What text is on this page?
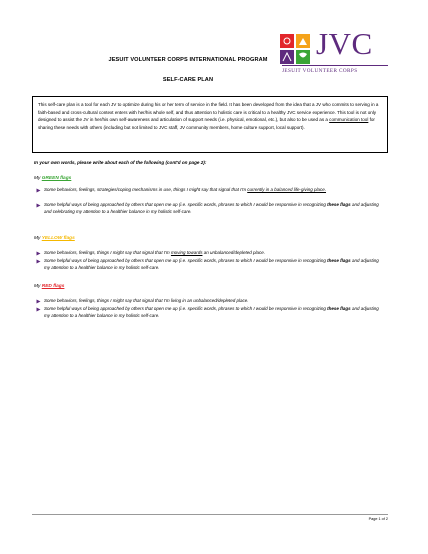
JESUIT VOLUNTEER CORPS INTERNATIONAL PROGRAM
SELF-CARE PLAN
JVC
JESUIT VOLUNTEER CORPS
This self-care plan is a tool for each JV to optimize during his or her term of service in the field. It has been developed from the idea that a JV who commits to serving in a faith-based and cross-cultural context enters with her/his whole self, and thus attention to holistic care is critical to a healthy JVC service experience. This tool is not only designed to assist the JV in her/his own self-awareness and articulation of support needs (i.e. physical, emotional, etc.), but also to be used as a communication tool for sharing these needs with others (including but not limited to JVC staff, JV community members, home culture support, local support).
In your own words, please write about each of the following (cont'd on page 2):
My GREEN flags
Some behaviors, feelings, strategies/coping mechanisms in use, things I might say that signal that I'm currently in a balanced life-giving place.
Some helpful ways of being approached by others that open me up (i.e. specific words, phrases to which I would be responsive in recognizing these flags and adjusting and celebrating my attention to a healthier balance in my holistic self-care.
My YELLOW flags
Some behaviors, feelings, things I might say that signal that I'm moving towards an unbalanced/depleted place.
Some helpful ways of being approached by others that open me up (i.e. specific words, phrases to which I would be responsive in recognizing these flags and adjusting my attention to a healthier balance in my holistic self-care.
My RED flags
Some behaviors, feelings, things I might say that signal that I'm living in an unbalanced/depleted place.
Some helpful ways of being approached by others that open me up (i.e. specific words, phrases to which I would be responsive in recognizing these flags and adjusting my attention to a healthier balance in my holistic self-care.
Page 1 of 2
